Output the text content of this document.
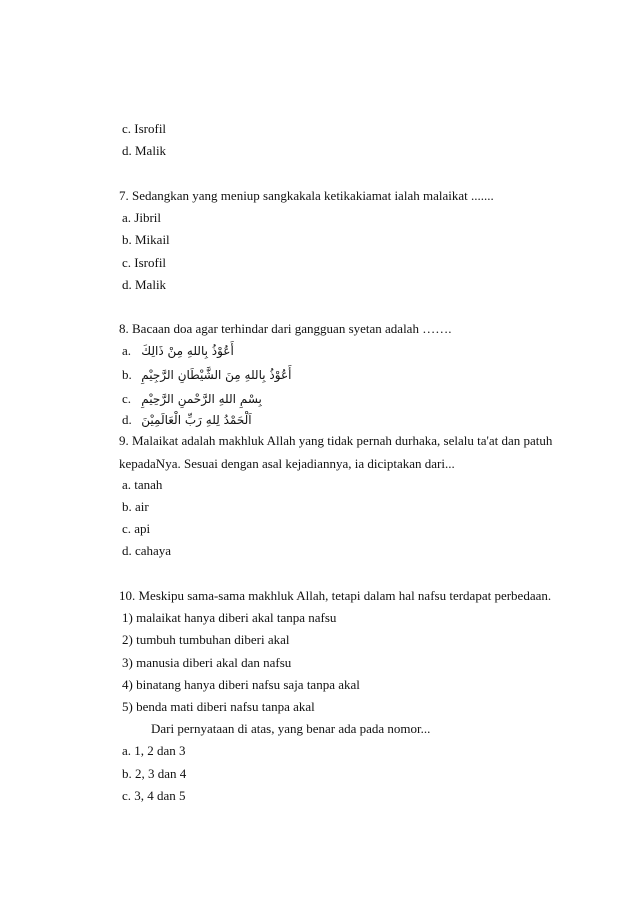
c. Isrofil
d. Malik
7. Sedangkan yang meniup sangkakala ketikakiamat ialah malaikat .......
a. Jibril
b. Mikail
c. Isrofil
d. Malik
8. Bacaan doa agar terhindar dari gangguan syetan adalah …….
a. أَعُوْذُ بِاللهِ مِنْ ذَالِكَ
b. أَعُوْذُ بِاللهِ مِنَ الشَّيْطَانِ الرَّجِيْمِ
c. بِسْمِ اللهِ الرَّحْمنِ الرَّحِيْمِ
d. اَلْحَمْدُ لِلهِ رَبِّ الْعَالَمِيْنَ
9. Malaikat adalah makhluk Allah yang tidak pernah durhaka, selalu ta'at dan patuh
kepadaNya. Sesuai dengan asal kejadiannya, ia diciptakan dari...
a. tanah
b. air
c. api
d. cahaya
10. Meskipu sama-sama makhluk Allah, tetapi dalam hal nafsu terdapat perbedaan.
1) malaikat hanya diberi akal tanpa nafsu
2) tumbuh tumbuhan diberi akal
3) manusia diberi akal dan nafsu
4) binatang hanya diberi nafsu saja tanpa akal
5) benda mati diberi nafsu tanpa akal
Dari pernyataan di atas, yang benar ada pada nomor...
a. 1, 2 dan 3
b. 2, 3 dan 4
c. 3, 4 dan 5
